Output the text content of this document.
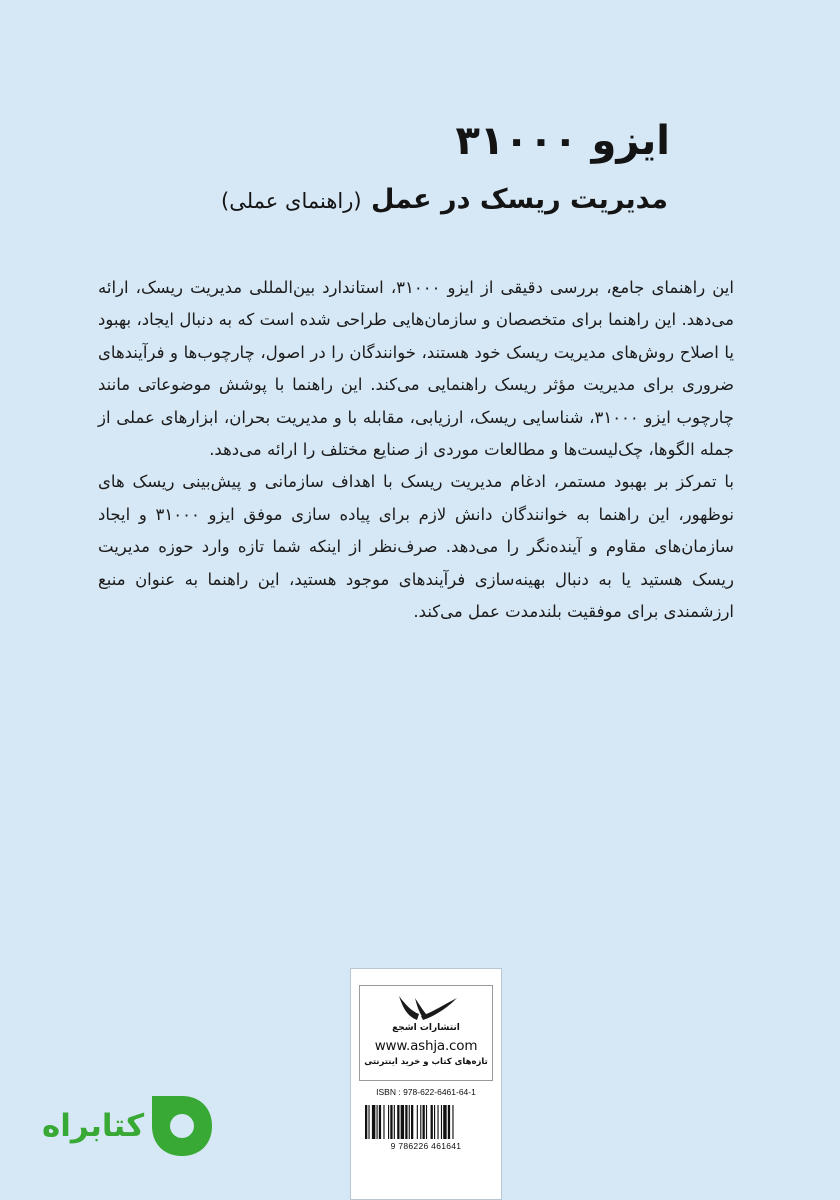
ایزو ۳۱۰۰۰
مدیریت ریسک در عمل (راهنمای عملی)

این راهنمای جامع، بررسی دقیقی از ایزو ۳۱۰۰۰، استاندارد بین‌المللی مدیریت ریسک، ارائه می‌دهد. این راهنما برای متخصصان و سازمان‌هایی طراحی شده است که به دنبال ایجاد، بهبود یا اصلاح روش‌های مدیریت ریسک خود هستند، خوانندگان را در اصول، چارچوب‌ها و فرآیندهای ضروری برای مدیریت مؤثر ریسک راهنمایی می‌کند. این راهنما با پوشش موضوعاتی مانند چارچوب ایزو ۳۱۰۰۰، شناسایی ریسک، ارزیابی، مقابله با و مدیریت بحران، ابزارهای عملی از جمله الگوها، چک‌لیست‌ها و مطالعات موردی از صنایع مختلف را ارائه می‌دهد.

با تمرکز بر بهبود مستمر، ادغام مدیریت ریسک با اهداف سازمانی و پیش‌بینی ریسک های نوظهور، این راهنما به خوانندگان دانش لازم برای پیاده سازی موفق ایزو ۳۱۰۰۰ و ایجاد سازمان‌های مقاوم و آینده‌نگر را می‌دهد. صرف‌نظر از اینکه شما تازه وارد حوزه مدیریت ریسک هستید یا به دنبال بهینه‌سازی فرآیندهای موجود هستید، این راهنما به عنوان منبع ارزشمندی برای موفقیت بلندمدت عمل می‌کند.

انتشارات اشجع
www.ashja.com
تازه‌های کتاب و خرید اینترنتی
ISBN : 978-622-6461-64-1
9 786226 461641
کتابراه
